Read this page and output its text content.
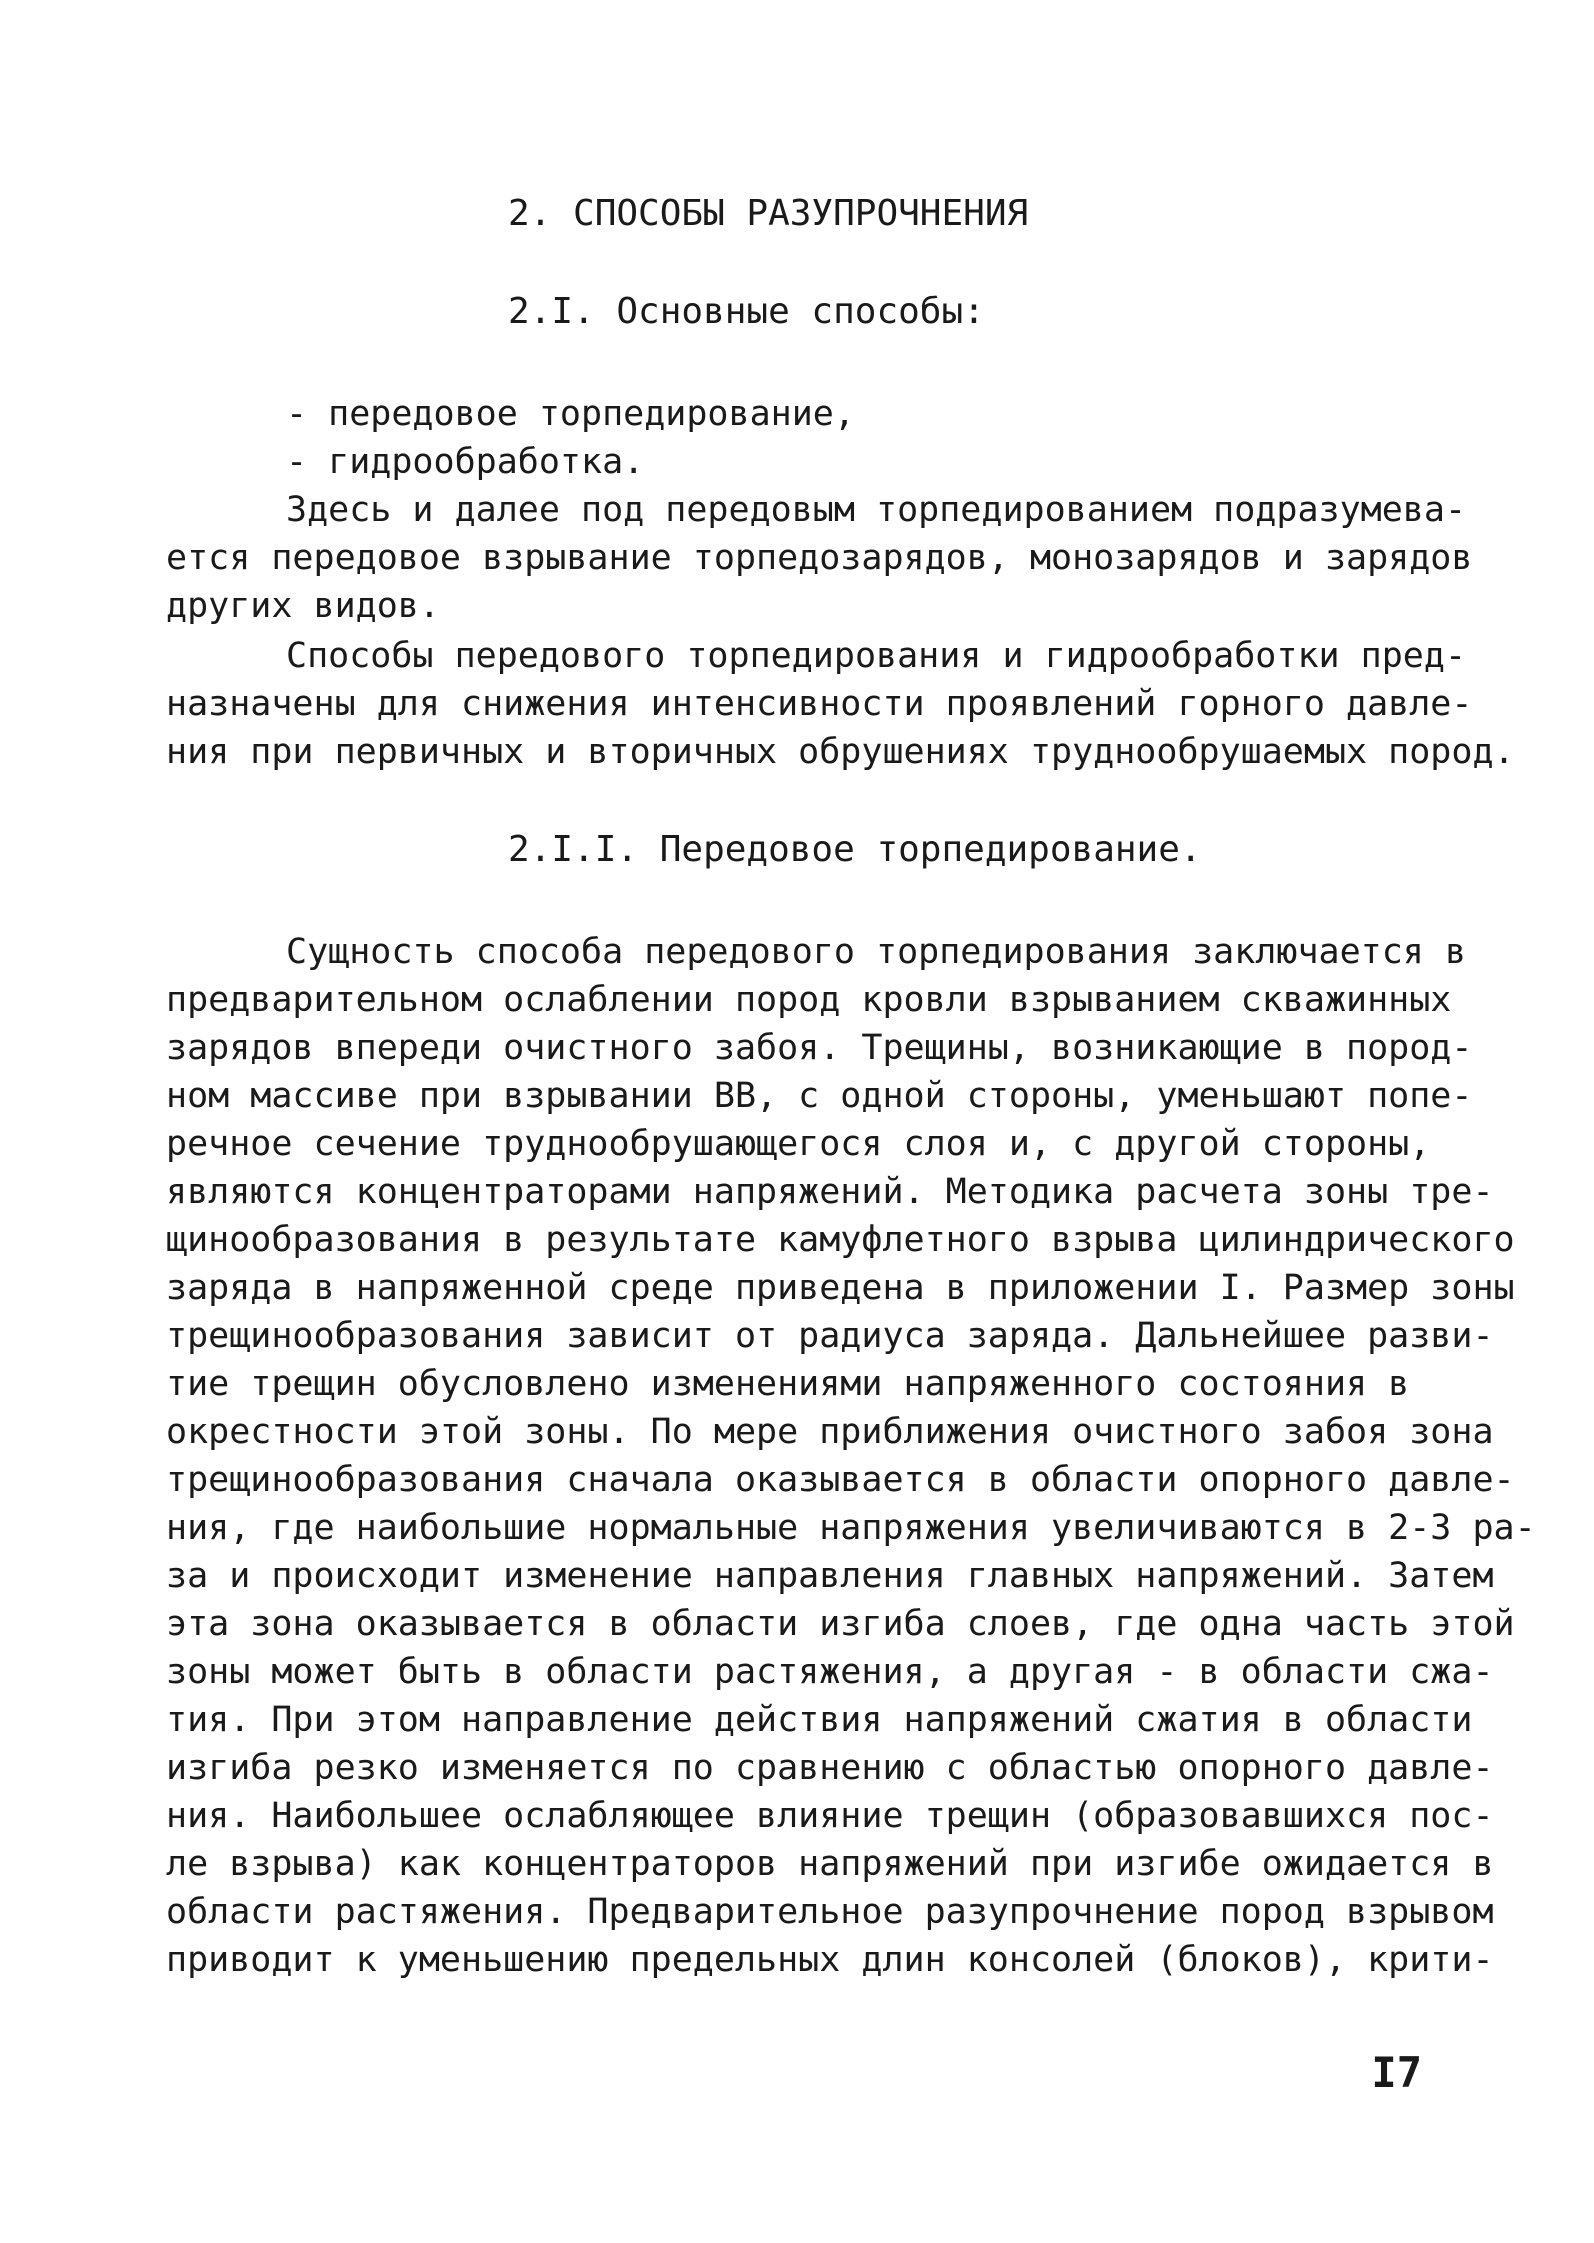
2. СПОСОБЫ РАЗУПРОЧНЕНИЯ
2.I. Основные способы:
- передовое торпедирование,
- гидрообработка.
Здесь и далее под передовым торпедированием подразумева-
ется передовое взрывание торпедозарядов, монозарядов и зарядов
других видов.
Способы передового торпедирования и гидрообработки пред-
назначены для снижения интенсивности проявлений горного давле-
ния при первичных и вторичных обрушениях труднообрушаемых пород.
2.I.I. Передовое торпедирование.
Сущность способа передового торпедирования заключается в
предварительном ослаблении пород кровли взрыванием скважинных
зарядов впереди очистного забоя. Трещины, возникающие в пород-
ном массиве при взрывании ВВ, с одной стороны, уменьшают попе-
речное сечение труднообрушающегося слоя и, с другой стороны,
являются концентраторами напряжений. Методика расчета зоны тре-
щинообразования в результате камуфлетного взрыва цилиндрического
заряда в напряженной среде приведена в приложении I. Размер зоны
трещинообразования зависит от радиуса заряда. Дальнейшее разви-
тие трещин обусловлено изменениями напряженного состояния в
окрестности этой зоны. По мере приближения очистного забоя зона
трещинообразования сначала оказывается в области опорного давле-
ния, где наибольшие нормальные напряжения увеличиваются в 2-3 ра-
за и происходит изменение направления главных напряжений. Затем
эта зона оказывается в области изгиба слоев, где одна часть этой
зоны может быть в области растяжения, а другая - в области сжа-
тия. При этом направление действия напряжений сжатия в области
изгиба резко изменяется по сравнению с областью опорного давле-
ния. Наибольшее ослабляющее влияние трещин (образовавшихся пос-
ле взрыва) как концентраторов напряжений при изгибе ожидается в
области растяжения. Предварительное разупрочнение пород взрывом
приводит к уменьшению предельных длин консолей (блоков), крити-
I7
